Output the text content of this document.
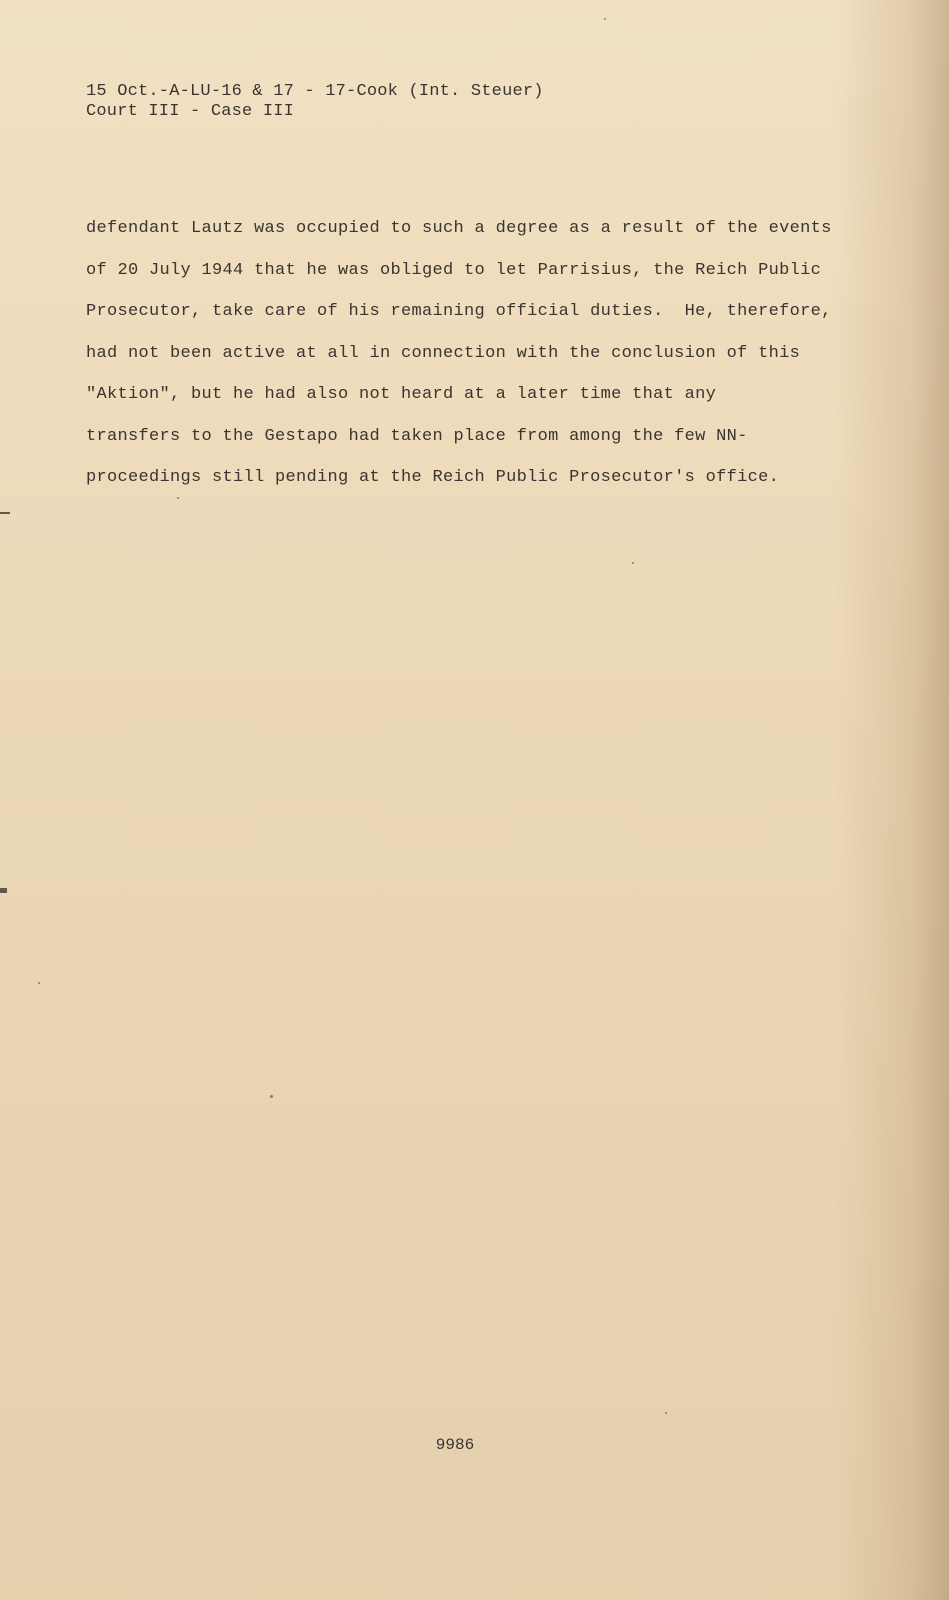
15 Oct.-A-LU-16 & 17 - 17-Cook (Int. Steuer)
Court III - Case III
defendant Lautz was occupied to such a degree as a result of the events
of 20 July 1944 that he was obliged to let Parrisius, the Reich Public
Prosecutor, take care of his remaining official duties.  He, therefore,
had not been active at all in connection with the conclusion of this
"Aktion", but he had also not heard at a later time that any
transfers to the Gestapo had taken place from among the few NN-
proceedings still pending at the Reich Public Prosecutor's office.
9986
